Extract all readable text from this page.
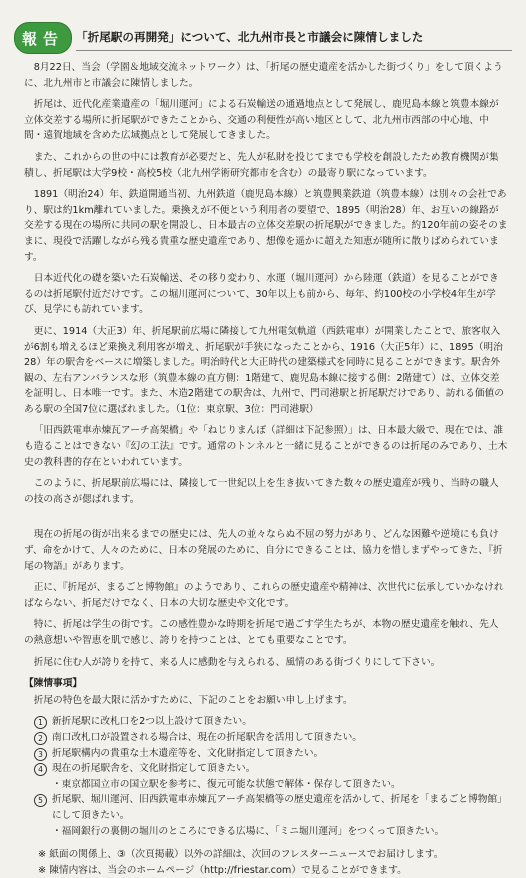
報告	「折尾駅の再開発」について、北九州市長と市議会に陳情しました

8月22日、当会（学園＆地域交流ネットワーク）は、「折尾の歴史遺産を活かした街づくり」をして頂くように、北九州市と市議会に陳情しました。

折尾は、近代化産業遺産の「堀川運河」による石炭輸送の通過地点として発展し、鹿児島本線と筑豊本線が立体交差する場所に折尾駅ができたことから、交通の利便性が高い地区として、北九州市西部の中心地、中間・遠賀地域を含めた広域拠点として発展してきました。

また、これからの世の中には教育が必要だと、先人が私財を投じてまでも学校を創設したため教育機関が集積し、折尾駅は大学9校・高校5校（北九州学術研究都市を含む）の最寄り駅になっています。

1891（明治24）年、鉄道開通当初、九州鉄道（鹿児島本線）と筑豊興業鉄道（筑豊本線）は別々の会社であり、駅は約1km離れていました。乗換えが不便という利用者の要望で、1895（明治28）年、お互いの線路が交差する現在の場所に共同の駅を開設し、日本最古の立体交差駅の折尾駅ができました。約120年前の姿そのままに、現役で活躍しながら残る貴重な歴史遺産であり、想像を遥かに超えた知恵が随所に散りばめられています。

日本近代化の礎を築いた石炭輸送、その移り変わり、水運（堀川運河）から陸運（鉄道）を見ることができるのは折尾駅付近だけです。この堀川運河について、30年以上も前から、毎年、約100校の小学校4年生が学び、見学にも訪れています。

更に、1914（大正3）年、折尾駅前広場に隣接して九州電気軌道（西鉄電車）が開業したことで、旅客収入が6割も増えるほど乗換え利用客が増え、折尾駅が手狭になったことから、1916（大正5年）に、1895（明治28）年の駅舎をベースに増築しました。明治時代と大正時代の建築様式を同時に見ることができます。駅舎外観の、左右アンバランスな形（筑豊本線の直方側：1階建て、鹿児島本線に接する側：2階建て）は、立体交差を証明し、日本唯一です。また、木造2階建ての駅舎は、九州で、門司港駅と折尾駅だけであり、訪れる価値のある駅の全国7位に選ばれました。（1位：東京駅、3位：門司港駅）

「旧西鉄電車赤煉瓦アーチ高架橋」や「ねじりまんぽ（詳細は下記参照）」は、日本最大級で、現在では、誰も造ることはできない『幻の工法』です。通常のトンネルと一緒に見ることができるのは折尾のみであり、土木史の教科書的存在といわれています。

このように、折尾駅前広場には、隣接して一世紀以上を生き抜いてきた数々の歴史遺産が残り、当時の職人の技の高さが偲ばれます。

現在の折尾の街が出来るまでの歴史には、先人の並々ならぬ不屈の努力があり、どんな困難や逆境にも負けず、命をかけて、人々のために、日本の発展のために、自分にできることは、協力を惜しまずやってきた、『折尾の物語』があります。

正に、『折尾が、まるごと博物館』のようであり、これらの歴史遺産や精神は、次世代に伝承していかなければならない、折尾だけでなく、日本の大切な歴史や文化です。

特に、折尾は学生の街です。この感性豊かな時期を折尾で過ごす学生たちが、本物の歴史遺産を触れ、先人の熱意想いや智恵を肌で感じ、誇りを持つことは、とても重要なことです。

折尾に住む人が誇りを持て、来る人に感動を与えられる、風情のある街づくりにして下さい。

【陳情事項】
折尾の特色を最大限に活かすために、下記のことをお願い申し上げます。
1 新折尾駅に改札口を2つ以上設けて頂きたい。
2 南口改札口が設置される場合は、現在の折尾駅舎を活用して頂きたい。
3 折尾駅構内の貴重な土木遺産等を、文化財指定して頂きたい。
4 現在の折尾駅舎を、文化財指定して頂きたい。
・東京都国立市の国立駅を参考に、復元可能な状態で解体・保存して頂きたい。
5 折尾駅、堀川運河、旧西鉄電車赤煉瓦アーチ高架橋等の歴史遺産を活かして、折尾を「まるごと博物館」にして頂きたい。
・福岡銀行の裏側の堀川のところにできる広場に、「ミニ堀川運河」をつくって頂きたい。
※ 紙面の関係上、③（次頁掲載）以外の詳細は、次回のフレスターニュースでお届けします。
※ 陳情内容は、当会のホームページ（http://friestar.com）で見ることができます。
